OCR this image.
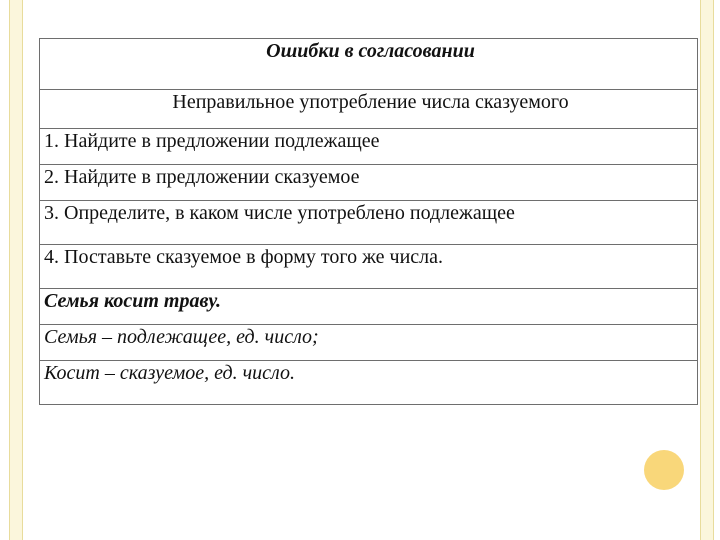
Ошибки в согласовании
Неправильное употребление числа сказуемого
1. Найдите в предложении подлежащее
2. Найдите в предложении сказуемое
3. Определите, в каком числе употреблено подлежащее
4. Поставьте сказуемое в форму того же числа.
Семья косит траву.
Семья – подлежащее, ед. число;
Косит – сказуемое, ед. число.
